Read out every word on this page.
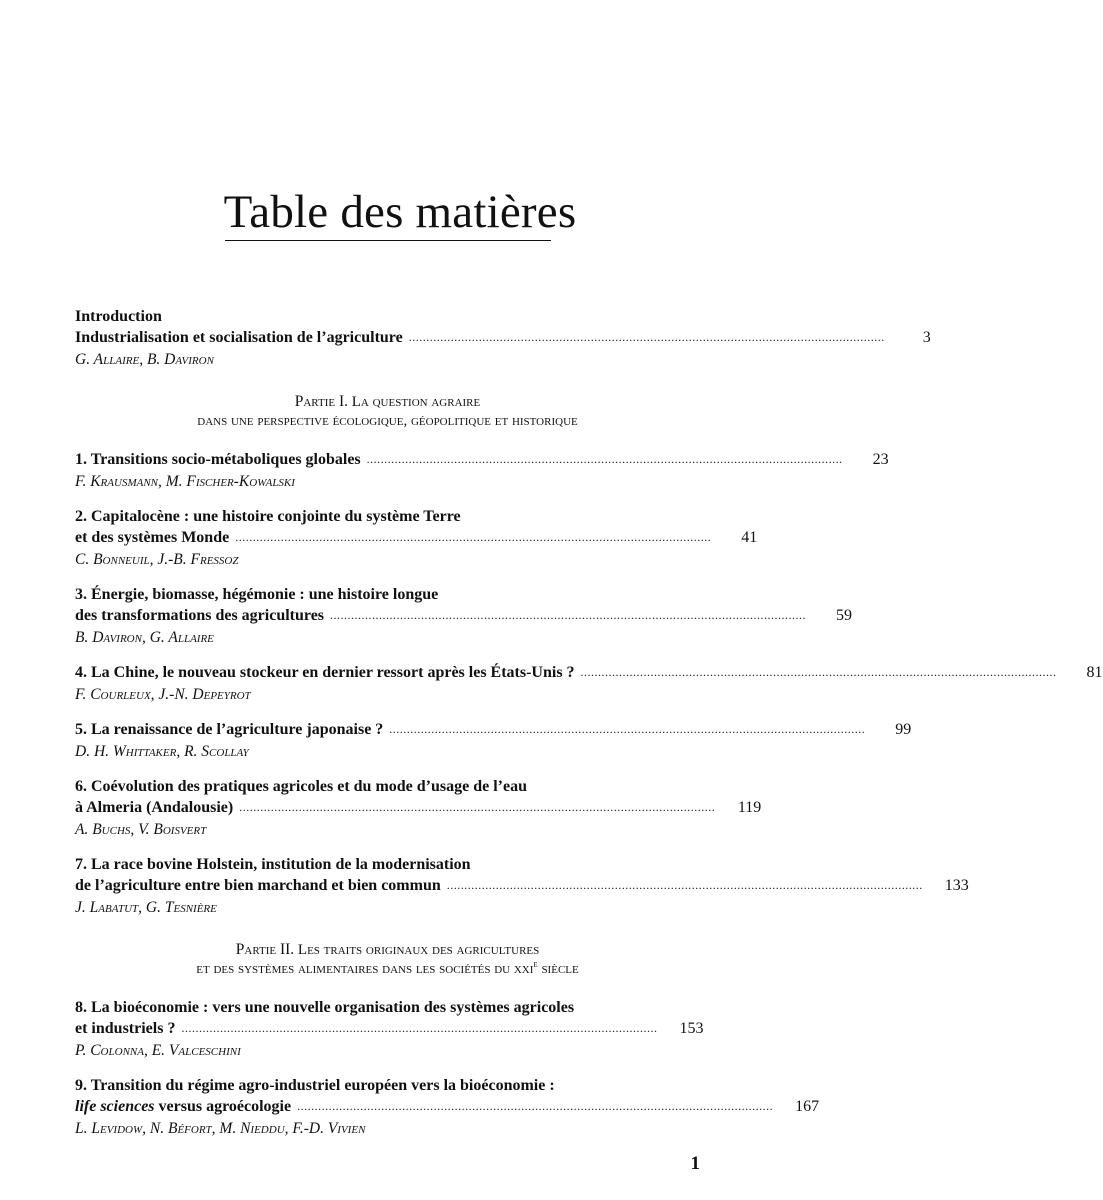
Table des matières
Introduction
Industrialisation et socialisation de l’agriculture ........................................................................................................................................	3
G. Allaire, B. Daviron
Partie I. La question agraire
dans une perspective écologique, géopolitique et historique
1. Transitions socio-métaboliques globales ........................................................................................................................................	23
F. Krausmann, M. Fischer-Kowalski
2. Capitalocène : une histoire conjointe du système Terre
et des systèmes Monde ........................................................................................................................................	41
C. Bonneuil, J.-B. Fressoz
3. Énergie, biomasse, hégémonie : une histoire longue
des transformations des agricultures ........................................................................................................................................	59
B. Daviron, G. Allaire
4. La Chine, le nouveau stockeur en dernier ressort après les États-Unis ? ........................................................................................................................................	81
F. Courleux, J.-N. Depeyrot
5. La renaissance de l’agriculture japonaise ? ........................................................................................................................................	99
D. H. Whittaker, R. Scollay
6. Coévolution des pratiques agricoles et du mode d’usage de l’eau
à Almeria (Andalousie) ........................................................................................................................................	119
A. Buchs, V. Boisvert
7. La race bovine Holstein, institution de la modernisation
de l’agriculture entre bien marchand et bien commun ........................................................................................................................................	133
J. Labatut, G. Tesnière
Partie II. Les traits originaux des agricultures
et des systèmes alimentaires dans les sociétés du xxi$^e$ siècle
8. La bioéconomie : vers une nouvelle organisation des systèmes agricoles
et industriels ? ........................................................................................................................................	153
P. Colonna, E. Valceschini
9. Transition du régime agro-industriel européen vers la bioéconomie :
life sciences versus agroécologie ........................................................................................................................................	167
L. Levidow, N. Béfort, M. Nieddu, F.-D. Vivien
1
